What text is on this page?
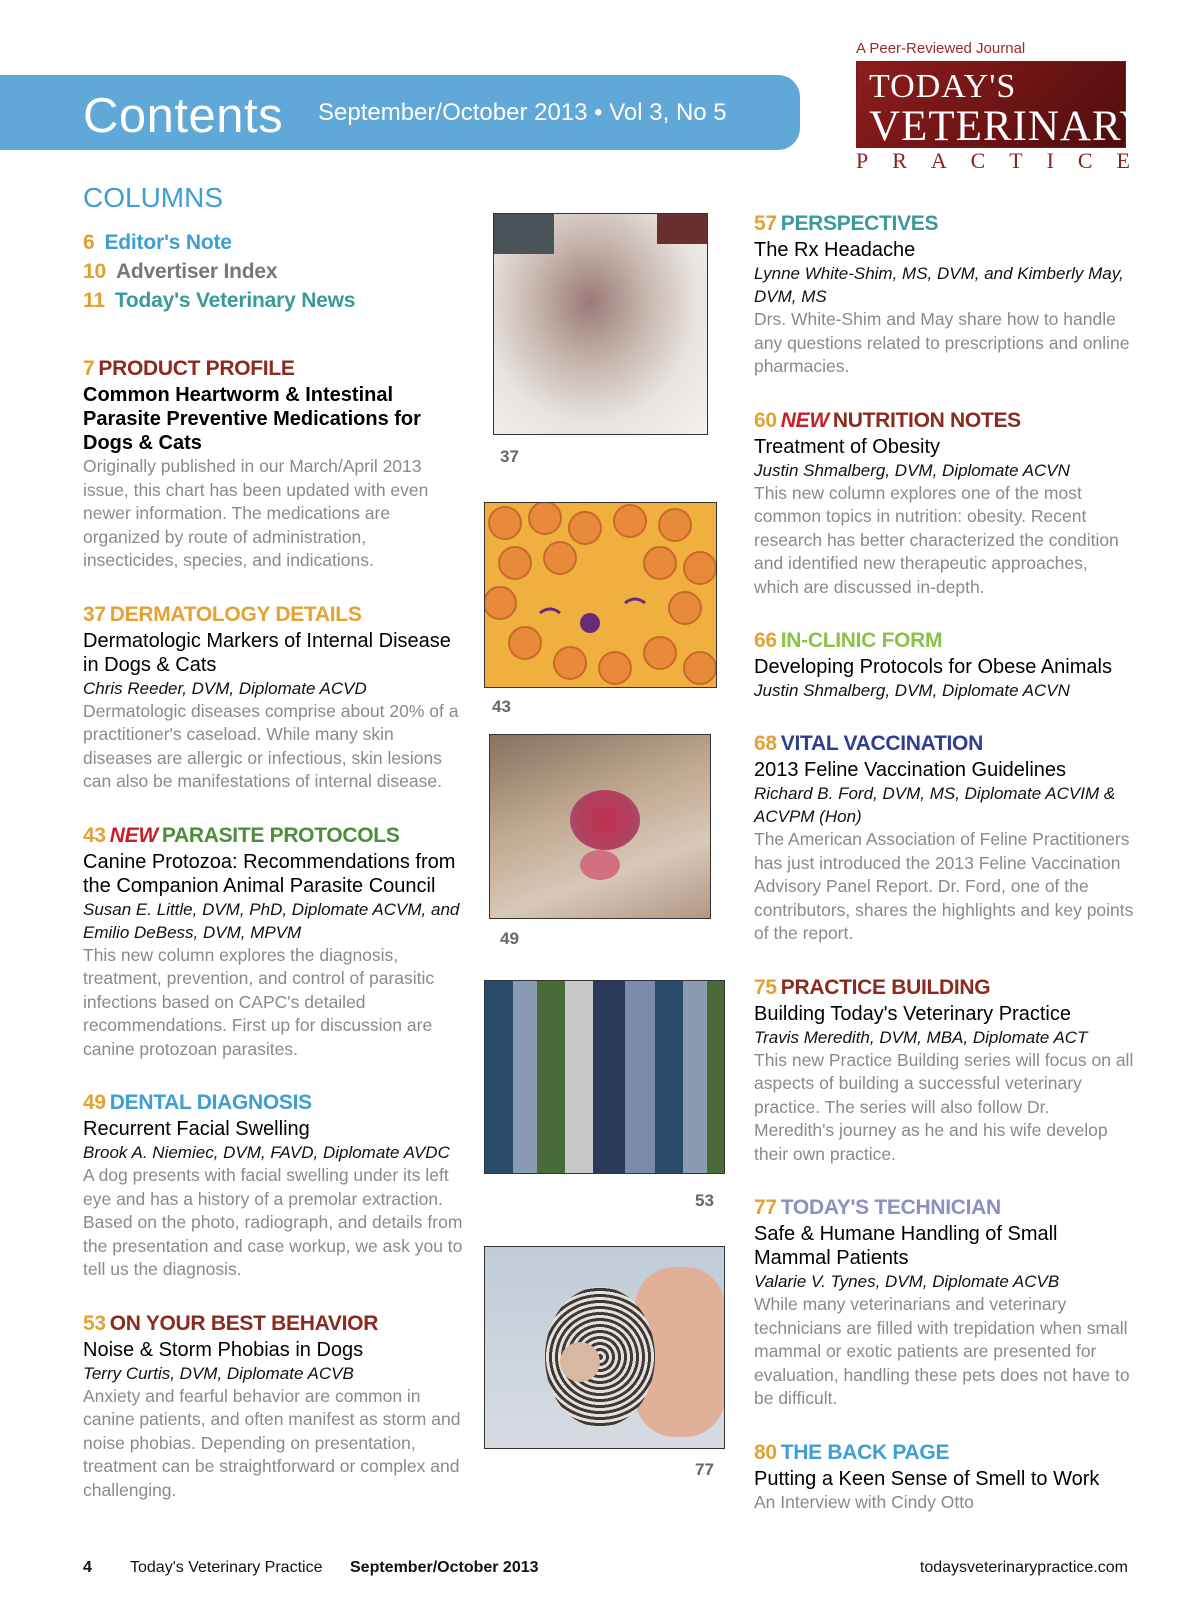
Contents September/October 2013 • Vol 3, No 5
A Peer-Reviewed Journal
TODAY'S
VETERINARY
P R A C T I C E
COLUMNS
6 Editor's Note
10 Advertiser Index
11 Today's Veterinary News
7 PRODUCT PROFILE
Common Heartworm & Intestinal Parasite Preventive Medications for Dogs & Cats
Originally published in our March/April 2013 issue, this chart has been updated with even newer information. The medications are organized by route of administration, insecticides, species, and indications.
37 DERMATOLOGY DETAILS
Dermatologic Markers of Internal Disease in Dogs & Cats
Chris Reeder, DVM, Diplomate ACVD
Dermatologic diseases comprise about 20% of a practitioner's caseload. While many skin diseases are allergic or infectious, skin lesions can also be manifestations of internal disease.
43 NEW PARASITE PROTOCOLS
Canine Protozoa: Recommendations from the Companion Animal Parasite Council
Susan E. Little, DVM, PhD, Diplomate ACVM, and Emilio DeBess, DVM, MPVM
This new column explores the diagnosis, treatment, prevention, and control of parasitic infections based on CAPC's detailed recommendations. First up for discussion are canine protozoan parasites.
49 DENTAL DIAGNOSIS
Recurrent Facial Swelling
Brook A. Niemiec, DVM, FAVD, Diplomate AVDC
A dog presents with facial swelling under its left eye and has a history of a premolar extraction. Based on the photo, radiograph, and details from the presentation and case workup, we ask you to tell us the diagnosis.
53 ON YOUR BEST BEHAVIOR
Noise & Storm Phobias in Dogs
Terry Curtis, DVM, Diplomate ACVB
Anxiety and fearful behavior are common in canine patients, and often manifest as storm and noise phobias. Depending on presentation, treatment can be straightforward or complex and challenging.
37
43
49
53
77
57 PERSPECTIVES
The Rx Headache
Lynne White-Shim, MS, DVM, and Kimberly May, DVM, MS
Drs. White-Shim and May share how to handle any questions related to prescriptions and online pharmacies.
60 NEW NUTRITION NOTES
Treatment of Obesity
Justin Shmalberg, DVM, Diplomate ACVN
This new column explores one of the most common topics in nutrition: obesity. Recent research has better characterized the condition and identified new therapeutic approaches, which are discussed in-depth.
66 IN-CLINIC FORM
Developing Protocols for Obese Animals
Justin Shmalberg, DVM, Diplomate ACVN
68 VITAL VACCINATION
2013 Feline Vaccination Guidelines
Richard B. Ford, DVM, MS, Diplomate ACVIM & ACVPM (Hon)
The American Association of Feline Practitioners has just introduced the 2013 Feline Vaccination Advisory Panel Report. Dr. Ford, one of the contributors, shares the highlights and key points of the report.
75 PRACTICE BUILDING
Building Today's Veterinary Practice
Travis Meredith, DVM, MBA, Diplomate ACT
This new Practice Building series will focus on all aspects of building a successful veterinary practice. The series will also follow Dr. Meredith's journey as he and his wife develop their own practice.
77 TODAY'S TECHNICIAN
Safe & Humane Handling of Small Mammal Patients
Valarie V. Tynes, DVM, Diplomate ACVB
While many veterinarians and veterinary technicians are filled with trepidation when small mammal or exotic patients are presented for evaluation, handling these pets does not have to be difficult.
80 THE BACK PAGE
Putting a Keen Sense of Smell to Work
An Interview with Cindy Otto
4 Today's Veterinary Practice September/October 2013	todaysveterinarypractice.com
